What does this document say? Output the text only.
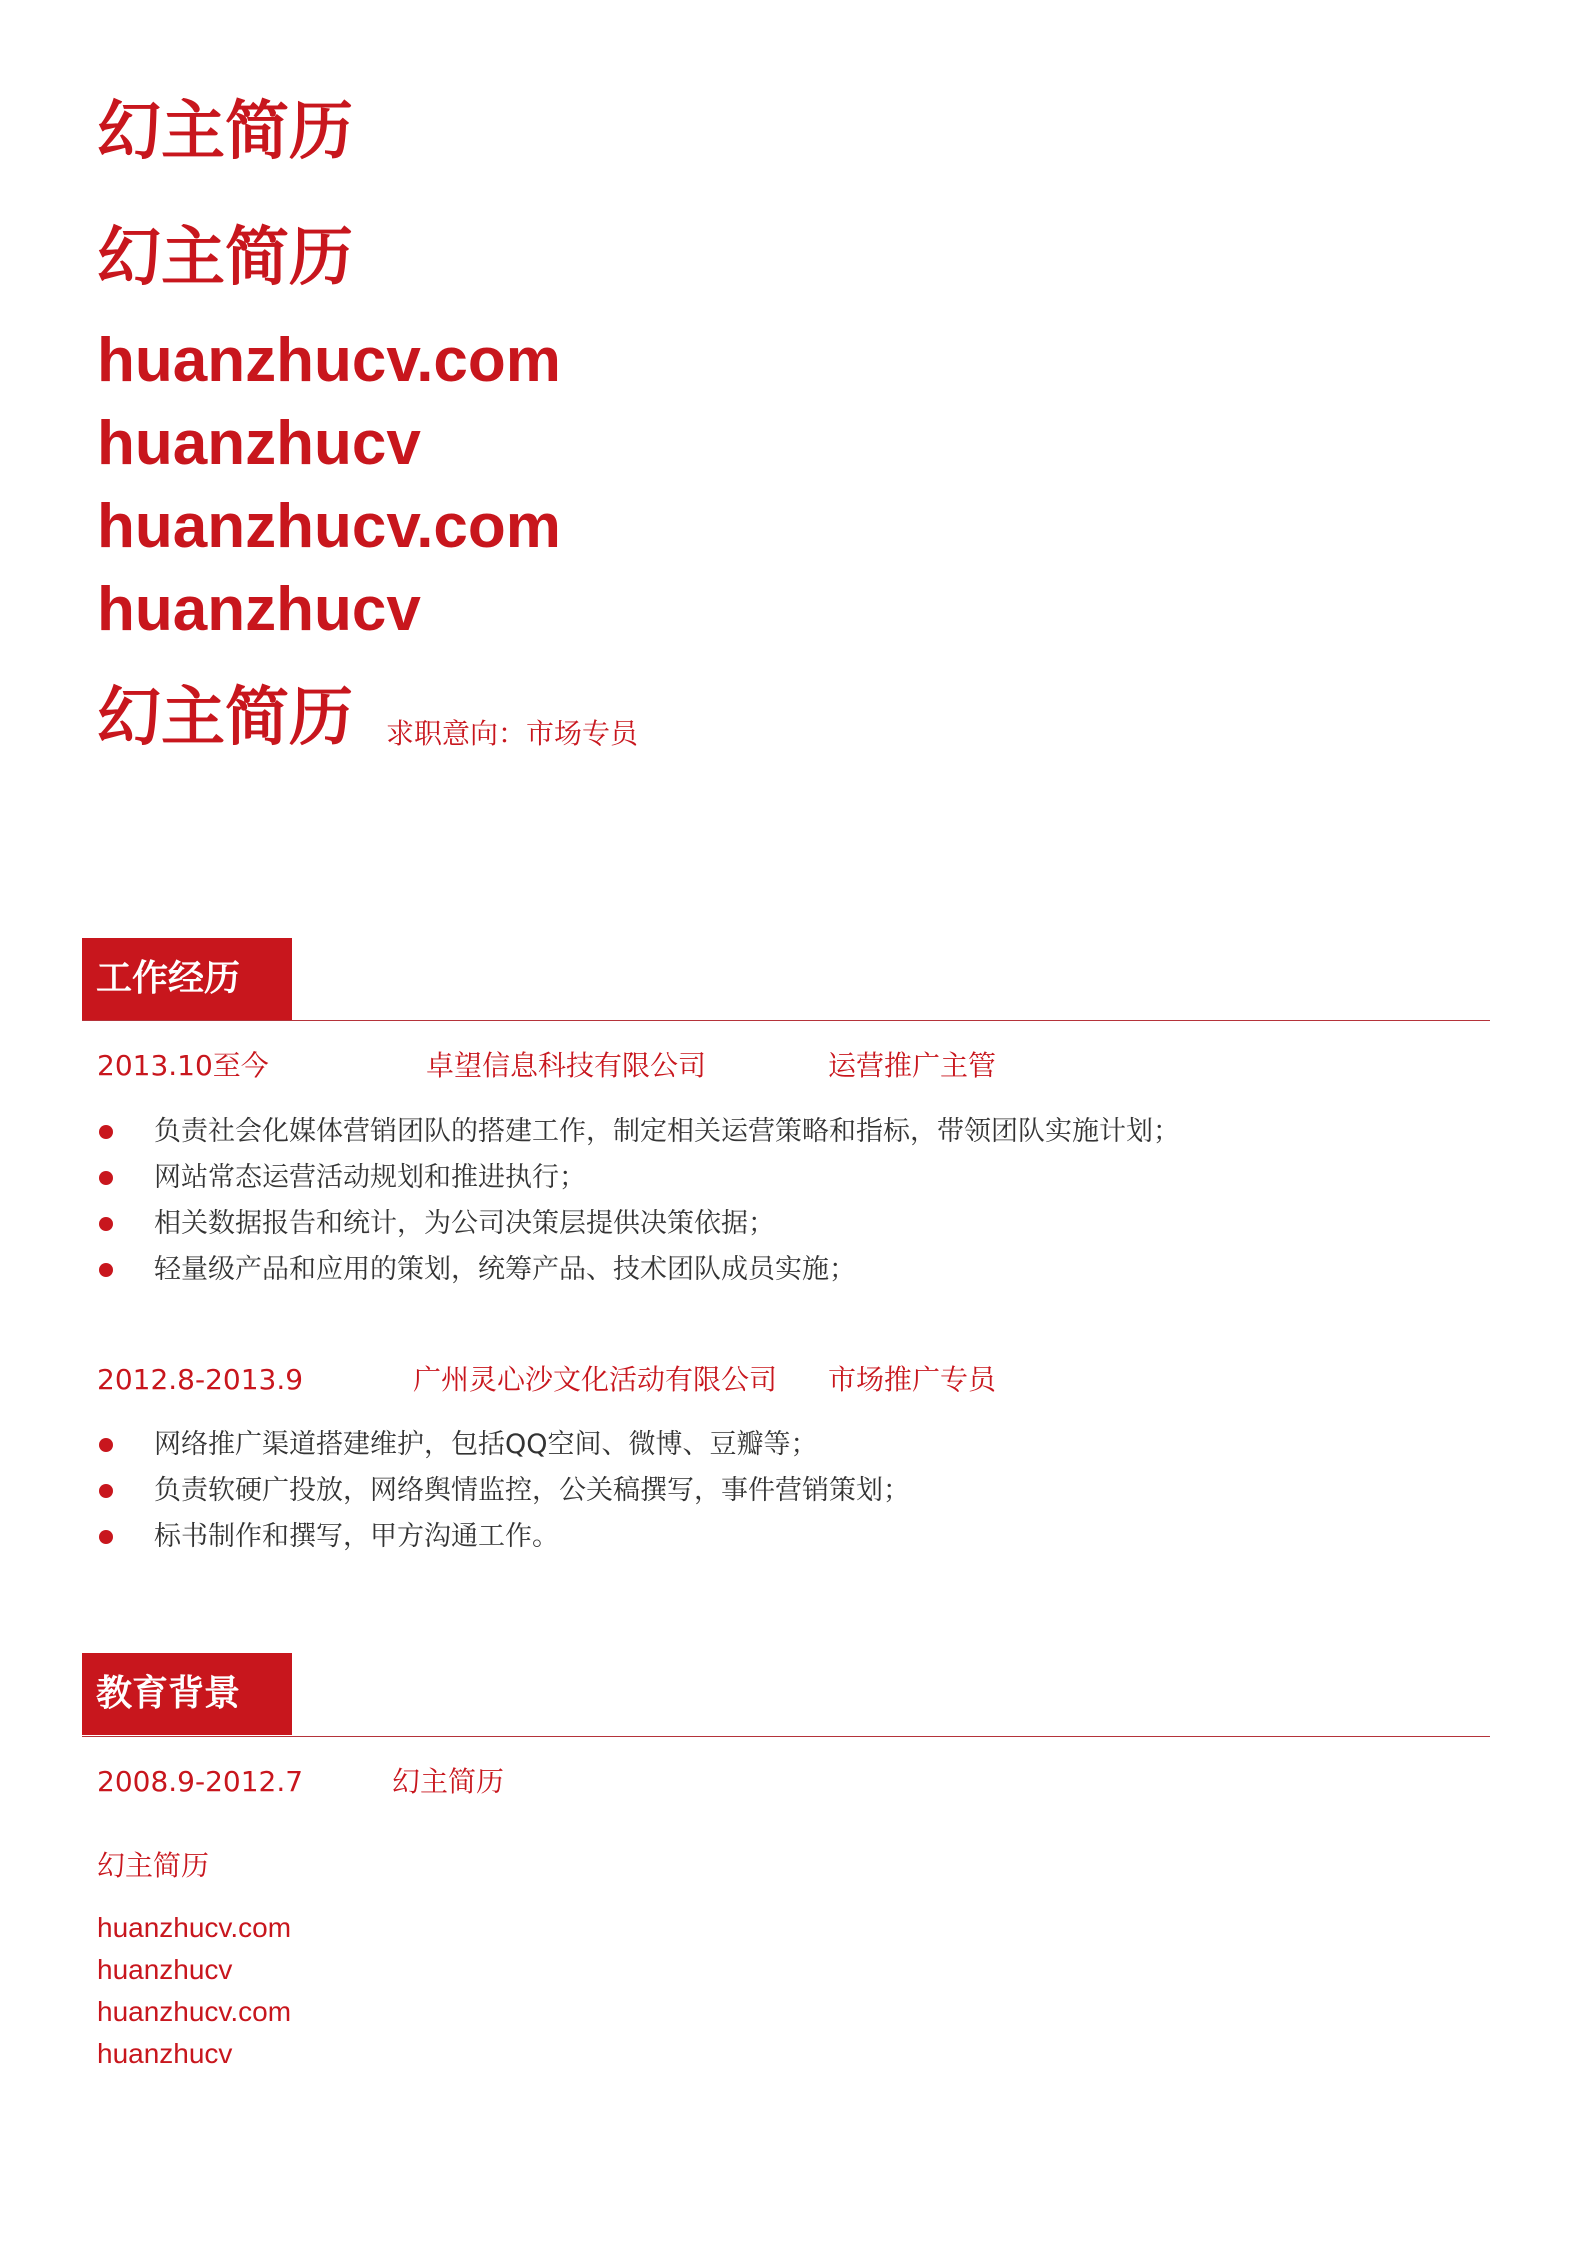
幻主简历
幻主简历
huanzhucv.com
huanzhucv
huanzhucv.com
huanzhucv
幻主简历 求职意向：市场专员
工作经历
2013.10至今	卓望信息科技有限公司	运营推广主管
负责社会化媒体营销团队的搭建工作，制定相关运营策略和指标，带领团队实施计划；
网站常态运营活动规划和推进执行；
相关数据报告和统计，为公司决策层提供决策依据；
轻量级产品和应用的策划，统筹产品、技术团队成员实施；
2012.8-2013.9	广州灵心沙文化活动有限公司 市场推广专员
网络推广渠道搭建维护，包括QQ空间、微博、豆瓣等；
负责软硬广投放，网络舆情监控，公关稿撰写，事件营销策划；
标书制作和撰写，甲方沟通工作。
教育背景
2008.9-2012.7	幻主简历
幻主简历
huanzhucv.com
huanzhucv
huanzhucv.com
huanzhucv
